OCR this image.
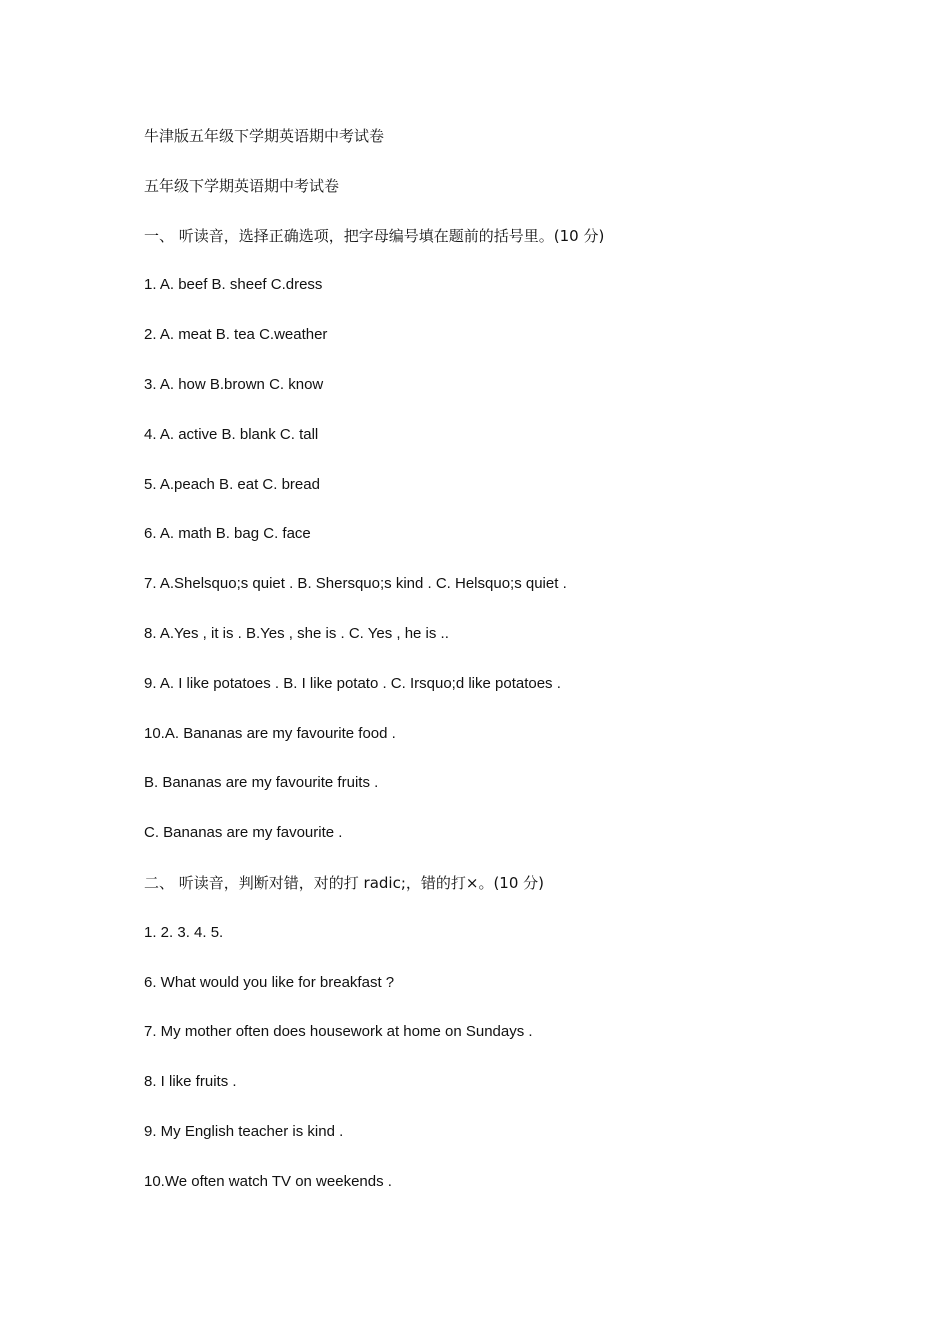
牛津版五年级下学期英语期中考试卷
五年级下学期英语期中考试卷
一、 听读音，选择正确选项，把字母编号填在题前的括号里。(10 分)
1. A. beef B. sheef C.dress
2. A. meat B. tea C.weather
3. A. how B.brown C. know
4. A. active B. blank C. tall
5. A.peach B. eat C. bread
6. A. math B. bag C. face
7. A.Shelsquo;s quiet . B. Shersquo;s kind . C. Helsquo;s quiet .
8. A.Yes , it is . B.Yes , she is . C. Yes , he is ..
9. A. I like potatoes . B. I like potato . C. Irsquo;d like potatoes .
10.A. Bananas are my favourite food .
B. Bananas are my favourite fruits .
C. Bananas are my favourite .
二、 听读音，判断对错，对的打 radic;，错的打×。(10 分)
1. 2. 3. 4. 5.
6. What would you like for breakfast ?
7. My mother often does housework at home on Sundays .
8. I like fruits .
9. My English teacher is kind .
10.We often watch TV on weekends .
